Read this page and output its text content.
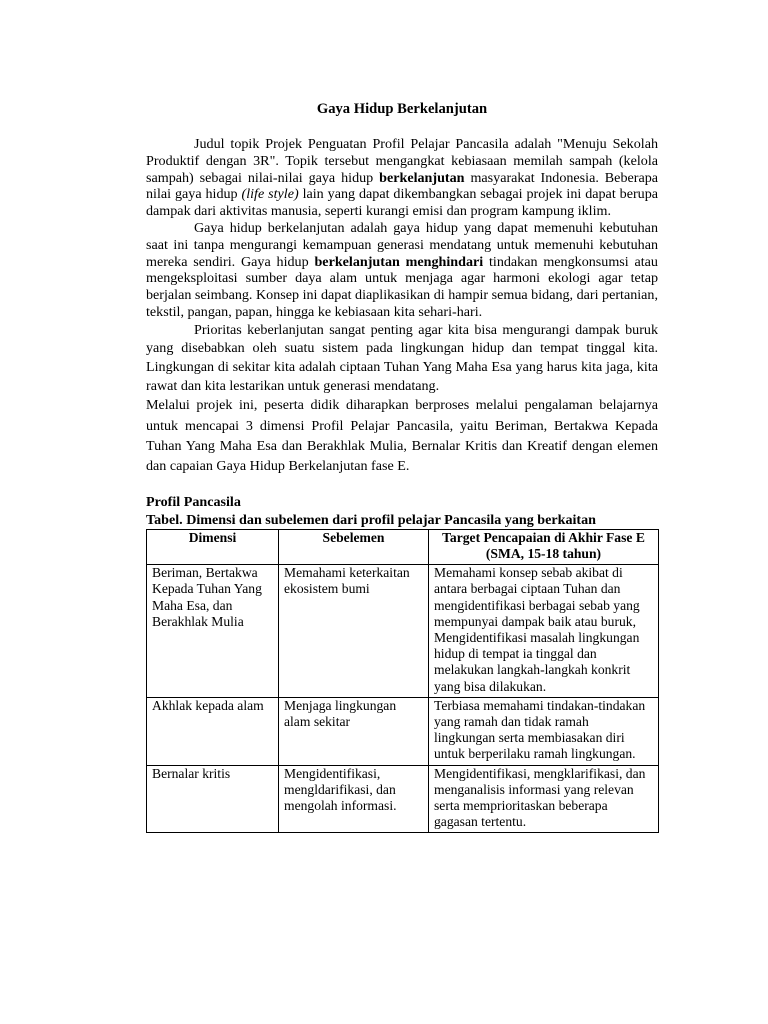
Gaya Hidup Berkelanjutan

Judul topik Projek Penguatan Profil Pelajar Pancasila adalah "Menuju Sekolah Produktif dengan 3R". Topik tersebut mengangkat kebiasaan memilah sampah (kelola sampah) sebagai nilai-nilai gaya hidup berkelanjutan masyarakat Indonesia. Beberapa nilai gaya hidup (life style) lain yang dapat dikembangkan sebagai projek ini dapat berupa dampak dari aktivitas manusia, seperti kurangi emisi dan program kampung iklim.

Gaya hidup berkelanjutan adalah gaya hidup yang dapat memenuhi kebutuhan saat ini tanpa mengurangi kemampuan generasi mendatang untuk memenuhi kebutuhan mereka sendiri. Gaya hidup berkelanjutan menghindari tindakan mengkonsumsi atau mengeksploitasi sumber daya alam untuk menjaga agar harmoni ekologi agar tetap berjalan seimbang. Konsep ini dapat diaplikasikan di hampir semua bidang, dari pertanian, tekstil, pangan, papan, hingga ke kebiasaan kita sehari-hari.

Prioritas keberlanjutan sangat penting agar kita bisa mengurangi dampak buruk yang disebabkan oleh suatu sistem pada lingkungan hidup dan tempat tinggal kita. Lingkungan di sekitar kita adalah ciptaan Tuhan Yang Maha Esa yang harus kita jaga, kita rawat dan kita lestarikan untuk generasi mendatang.

Melalui projek ini, peserta didik diharapkan berproses melalui pengalaman belajarnya untuk mencapai 3 dimensi Profil Pelajar Pancasila, yaitu Beriman, Bertakwa Kepada Tuhan Yang Maha Esa dan Berakhlak Mulia, Bernalar Kritis dan Kreatif dengan elemen dan capaian Gaya Hidup Berkelanjutan fase E.

Profil Pancasila

Tabel. Dimensi dan subelemen dari profil pelajar Pancasila yang berkaitan

Dimensi	Sebelemen	Target Pencapaian di Akhir Fase E (SMA, 15-18 tahun)
Beriman, Bertakwa Kepada Tuhan Yang Maha Esa, dan Berakhlak Mulia	Memahami keterkaitan ekosistem bumi	Memahami konsep sebab akibat di antara berbagai ciptaan Tuhan dan mengidentifikasi berbagai sebab yang mempunyai dampak baik atau buruk, Mengidentifikasi masalah lingkungan hidup di tempat ia tinggal dan melakukan langkah-langkah konkrit yang bisa dilakukan.
Akhlak kepada alam	Menjaga lingkungan alam sekitar	Terbiasa memahami tindakan-tindakan yang ramah dan tidak ramah lingkungan serta membiasakan diri untuk berperilaku ramah lingkungan.
Bernalar kritis	Mengidentifikasi, mengldarifikasi, dan mengolah informasi.	Mengidentifikasi, mengklarifikasi, dan menganalisis informasi yang relevan serta memprioritaskan beberapa gagasan tertentu.
